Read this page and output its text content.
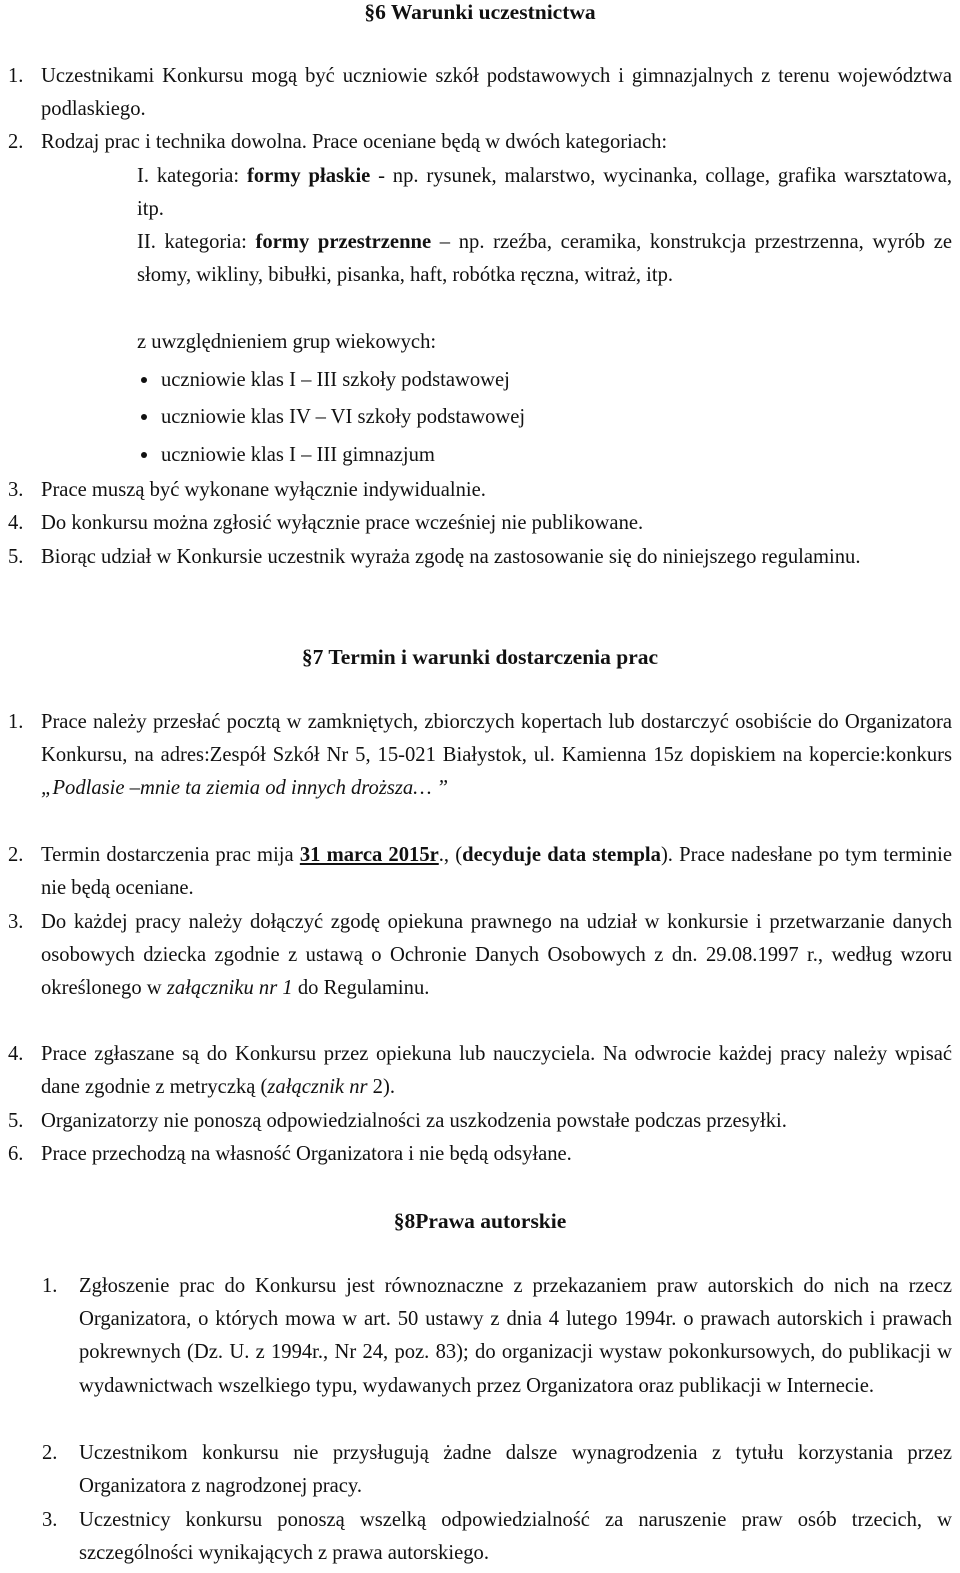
§6 Warunki uczestnictwa
1. Uczestnikami Konkursu mogą być uczniowie szkół podstawowych i gimnazjalnych z terenu województwa podlaskiego.
2. Rodzaj prac i technika dowolna. Prace oceniane będą w dwóch kategoriach:
I. kategoria: formy płaskie - np. rysunek, malarstwo, wycinanka, collage, grafika warsztatowa, itp.
II. kategoria: formy przestrzenne – np. rzeźba, ceramika, konstrukcja przestrzenna, wyrób ze słomy, wikliny, bibułki, pisanka, haft, robótka ręczna, witraż, itp.
z uwzględnieniem grup wiekowych:
uczniowie klas I – III szkoły podstawowej
uczniowie klas IV – VI szkoły podstawowej
uczniowie klas I – III gimnazjum
3. Prace muszą być wykonane wyłącznie indywidualnie.
4. Do konkursu można zgłosić wyłącznie prace wcześniej nie publikowane.
5. Biorąc udział w Konkursie uczestnik wyraża zgodę na zastosowanie się do niniejszego regulaminu.
§7 Termin i warunki dostarczenia prac
1. Prace należy przesłać pocztą w zamkniętych, zbiorczych kopertach lub dostarczyć osobiście do Organizatora Konkursu, na adres:Zespół Szkół Nr 5, 15-021 Białystok, ul. Kamienna 15z dopiskiem na kopercie:konkurs „Podlasie –mnie ta ziemia od innych droższa… ”
2. Termin dostarczenia prac mija 31 marca 2015r., (decyduje data stempla). Prace nadesłane po tym terminie nie będą oceniane.
3. Do każdej pracy należy dołączyć zgodę opiekuna prawnego na udział w konkursie i przetwarzanie danych osobowych dziecka zgodnie z ustawą o Ochronie Danych Osobowych z dn. 29.08.1997 r., według wzoru określonego w załączniku nr 1 do Regulaminu.
4. Prace zgłaszane są do Konkursu przez opiekuna lub nauczyciela. Na odwrocie każdej pracy należy wpisać dane zgodnie z metryczką (załącznik nr 2).
5. Organizatorzy nie ponoszą odpowiedzialności za uszkodzenia powstałe podczas przesyłki.
6. Prace przechodzą na własność Organizatora i nie będą odsyłane.
§8Prawa autorskie
1. Zgłoszenie prac do Konkursu jest równoznaczne z przekazaniem praw autorskich do nich na rzecz Organizatora, o których mowa w art. 50 ustawy z dnia 4 lutego 1994r. o prawach autorskich i prawach pokrewnych (Dz. U. z 1994r., Nr 24, poz. 83); do organizacji wystaw pokonkursowych, do publikacji w wydawnictwach wszelkiego typu, wydawanych przez Organizatora oraz publikacji w Internecie.
2. Uczestnikom konkursu nie przysługują żadne dalsze wynagrodzenia z tytułu korzystania przez Organizatora z nagrodzonej pracy.
3. Uczestnicy konkursu ponoszą wszelką odpowiedzialność za naruszenie praw osób trzecich, w szczególności wynikających z prawa autorskiego.
